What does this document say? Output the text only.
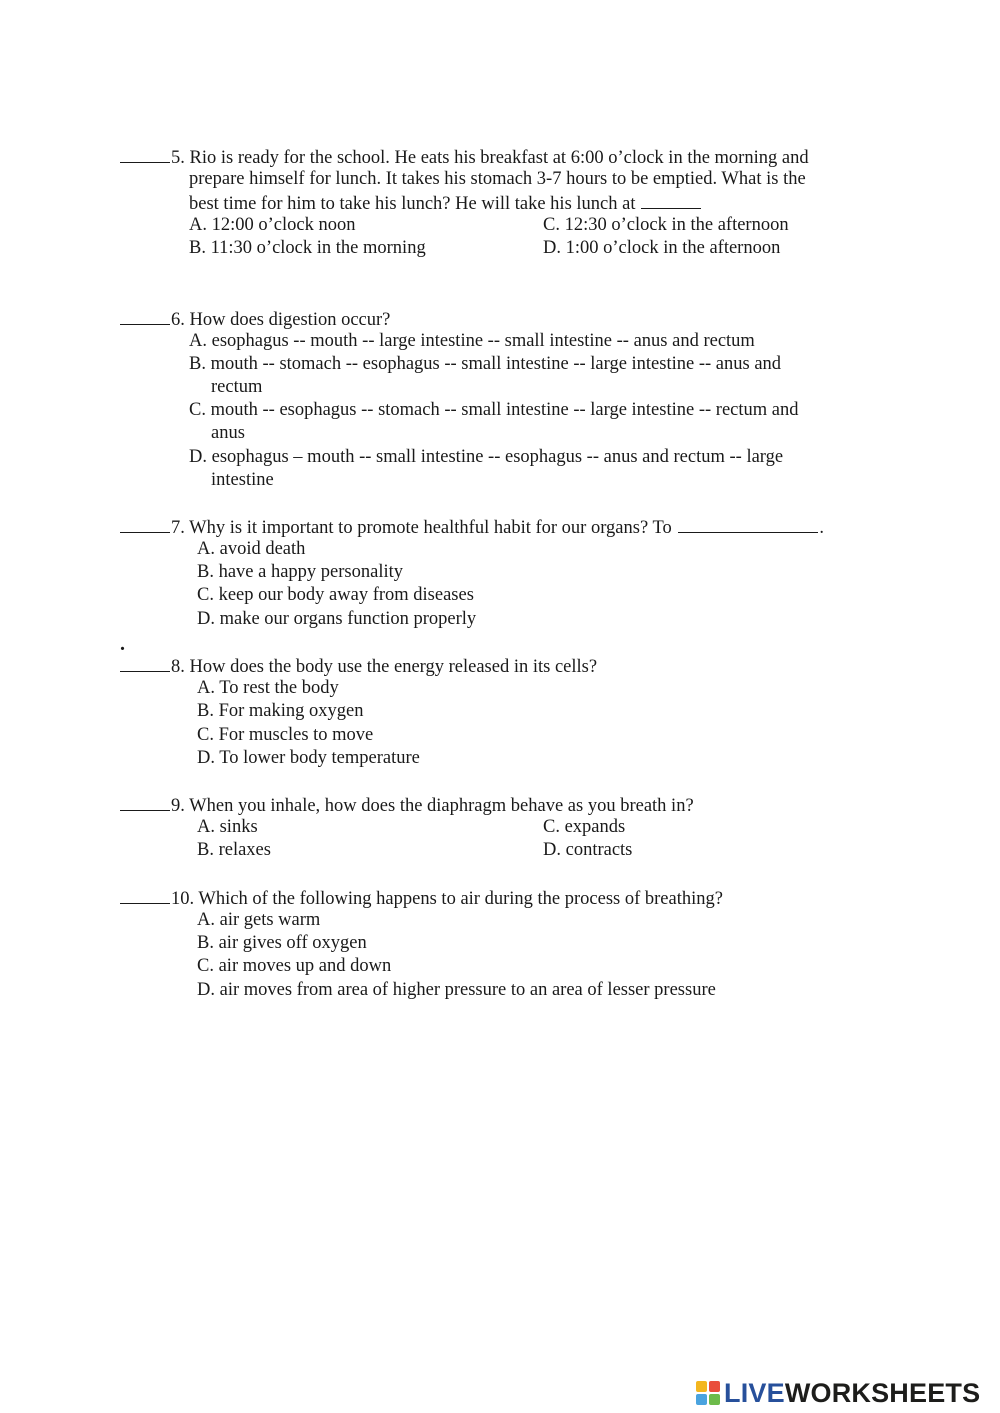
5. Rio is ready for the school. He eats his breakfast at 6:00 o’clock in the morning and
prepare himself for lunch. It takes his stomach 3-7 hours to be emptied. What is the
best time for him to take his lunch? He will take his lunch at
A. 12:00 o’clock noon	C. 12:30 o’clock in the afternoon
B. 11:30 o’clock in the morning	D. 1:00 o’clock in the afternoon
6. How does digestion occur?
A. esophagus -- mouth -- large intestine -- small intestine -- anus and rectum
B. mouth -- stomach -- esophagus -- small intestine -- large intestine -- anus and
rectum
C. mouth -- esophagus -- stomach -- small intestine -- large intestine -- rectum and
anus
D. esophagus – mouth -- small intestine -- esophagus -- anus and rectum -- large
intestine
7. Why is it important to promote healthful habit for our organs? To	.
A. avoid death
B. have a happy personality
C. keep our body away from diseases
D. make our organs function properly
.
8. How does the body use the energy released in its cells?
A. To rest the body
B. For making oxygen
C. For muscles to move
D. To lower body temperature
9. When you inhale, how does the diaphragm behave as you breath in?
A. sinks	C. expands
B. relaxes	D. contracts
10. Which of the following happens to air during the process of breathing?
A. air gets warm
B. air gives off oxygen
C. air moves up and down
D. air moves from area of higher pressure to an area of lesser pressure
LIVEWORKSHEETS
